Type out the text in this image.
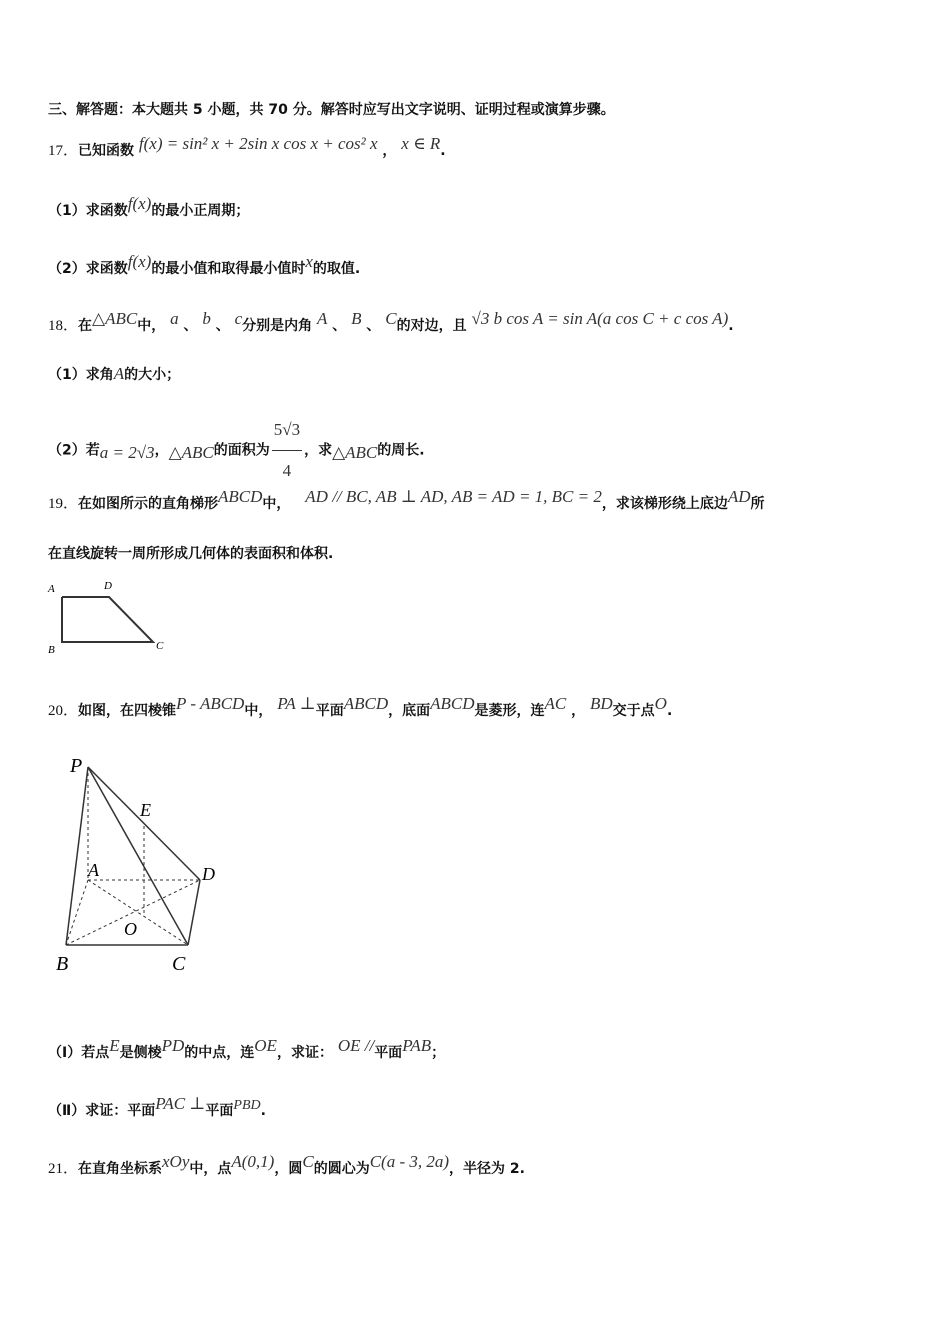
三、解答题：本大题共 5 小题，共 70 分。解答时应写出文字说明、证明过程或演算步骤。
17．已知函数 f(x) = sin² x + 2sin x cos x + cos² x ， x ∈ R.
（1）求函数f(x)的最小正周期；
（2）求函数f(x)的最小值和取得最小值时x的取值.
18．在△ABC中， a 、 b 、 c分别是内角 A 、 B 、 C的对边，且 √3 b cos A = sin A(a cos C + c cos A).
（1）求角A的大小；
（2）若a = 2√3，△ABC的面积为 $\frac{5√3}{4}$ ，求△ABC的周长.
19．在如图所示的直角梯形ABCD中， AD // BC, AB ⊥ AD, AB = AD = 1, BC = 2，求该梯形绕上底边AD所
在直线旋转一周所形成几何体的表面积和体积.
A	D
B	C
20．如图，在四棱锥P - ABCD中， PA ⊥平面ABCD，底面ABCD是菱形，连AC ， BD交于点O.
P
E
A	D
O
B	C
（Ⅰ）若点E是侧棱PD的中点，连OE，求证： OE //平面PAB；
（Ⅱ）求证：平面PAC ⊥平面PBD.
21．在直角坐标系xOy中，点A(0,1)，圆C的圆心为C(a - 3, 2a)，半径为 2.
